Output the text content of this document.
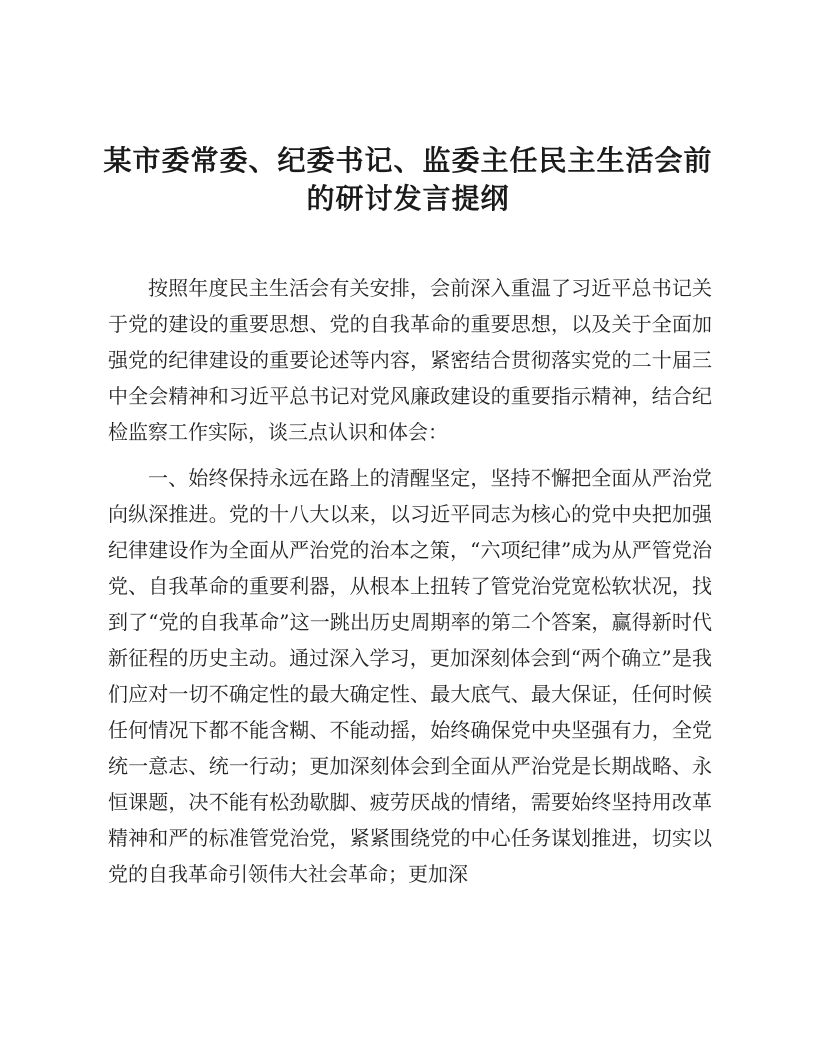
某市委常委、纪委书记、监委主任民主生活会前的研讨发言提纲

按照年度民主生活会有关安排，会前深入重温了习近平总书记关于党的建设的重要思想、党的自我革命的重要思想，以及关于全面加强党的纪律建设的重要论述等内容，紧密结合贯彻落实党的二十届三中全会精神和习近平总书记对党风廉政建设的重要指示精神，结合纪检监察工作实际，谈三点认识和体会：

一、始终保持永远在路上的清醒坚定，坚持不懈把全面从严治党向纵深推进。党的十八大以来，以习近平同志为核心的党中央把加强纪律建设作为全面从严治党的治本之策，“六项纪律”成为从严管党治党、自我革命的重要利器，从根本上扭转了管党治党宽松软状况，找到了“党的自我革命”这一跳出历史周期率的第二个答案，赢得新时代新征程的历史主动。通过深入学习，更加深刻体会到“两个确立”是我们应对一切不确定性的最大确定性、最大底气、最大保证，任何时候任何情况下都不能含糊、不能动摇，始终确保党中央坚强有力，全党统一意志、统一行动；更加深刻体会到全面从严治党是长期战略、永恒课题，决不能有松劲歇脚、疲劳厌战的情绪，需要始终坚持用改革精神和严的标准管党治党，紧紧围绕党的中心任务谋划推进，切实以党的自我革命引领伟大社会革命；更加深
